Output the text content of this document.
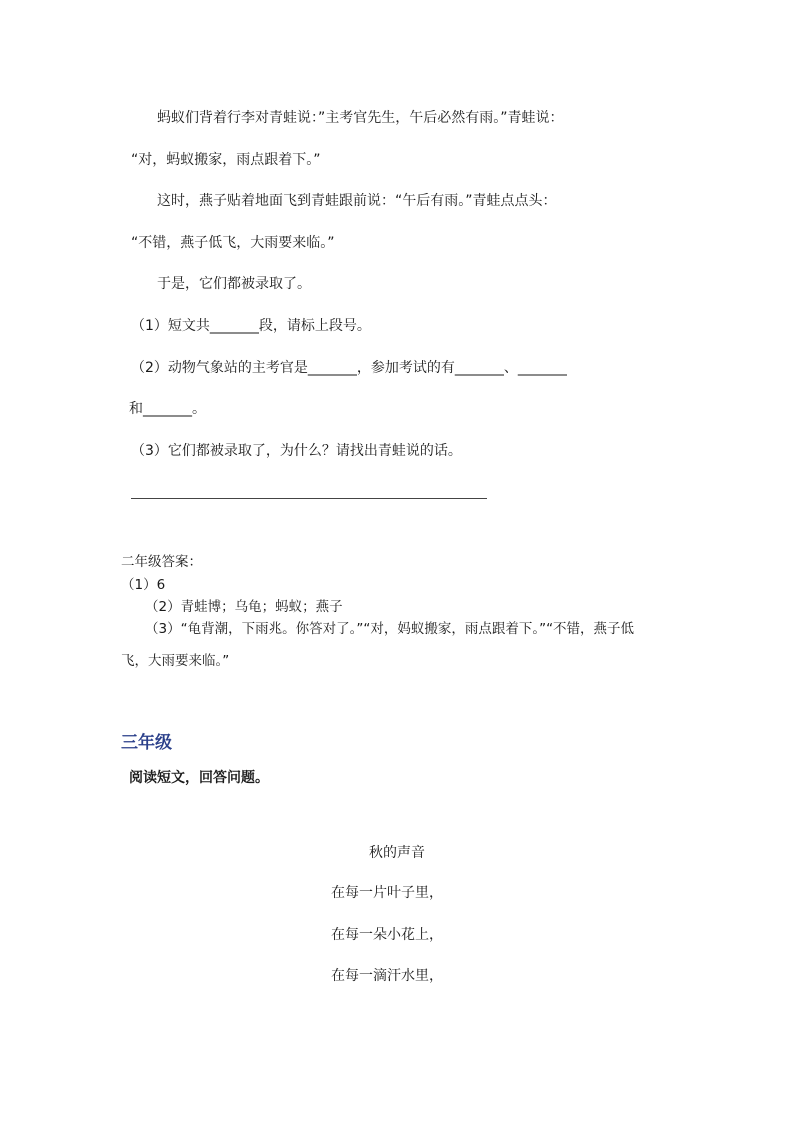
蚂蚁们背着行李对青蛙说：”主考官先生，午后必然有雨。”青蛙说：

“对，蚂蚁搬家，雨点跟着下。”

这时，燕子贴着地面飞到青蛙跟前说：“午后有雨。”青蛙点点头：

“不错，燕子低飞，大雨要来临。”

于是，它们都被录取了。

（1）短文共_______段，请标上段号。

（2）动物气象站的主考官是_______，参加考试的有_______、_______

和_______。

（3）它们都被录取了，为什么？请找出青蛙说的话。

二年级答案：

（1）6

（2）青蛙博；乌龟；蚂蚁；燕子

（3）“龟背潮，下雨兆。你答对了。”“对，妈蚁搬家，雨点跟着下。”“不错，燕子低

飞，大雨要来临。”

三年级

阅读短文，回答问题。

秋的声音

在每一片叶子里，

在每一朵小花上，

在每一滴汗水里，
